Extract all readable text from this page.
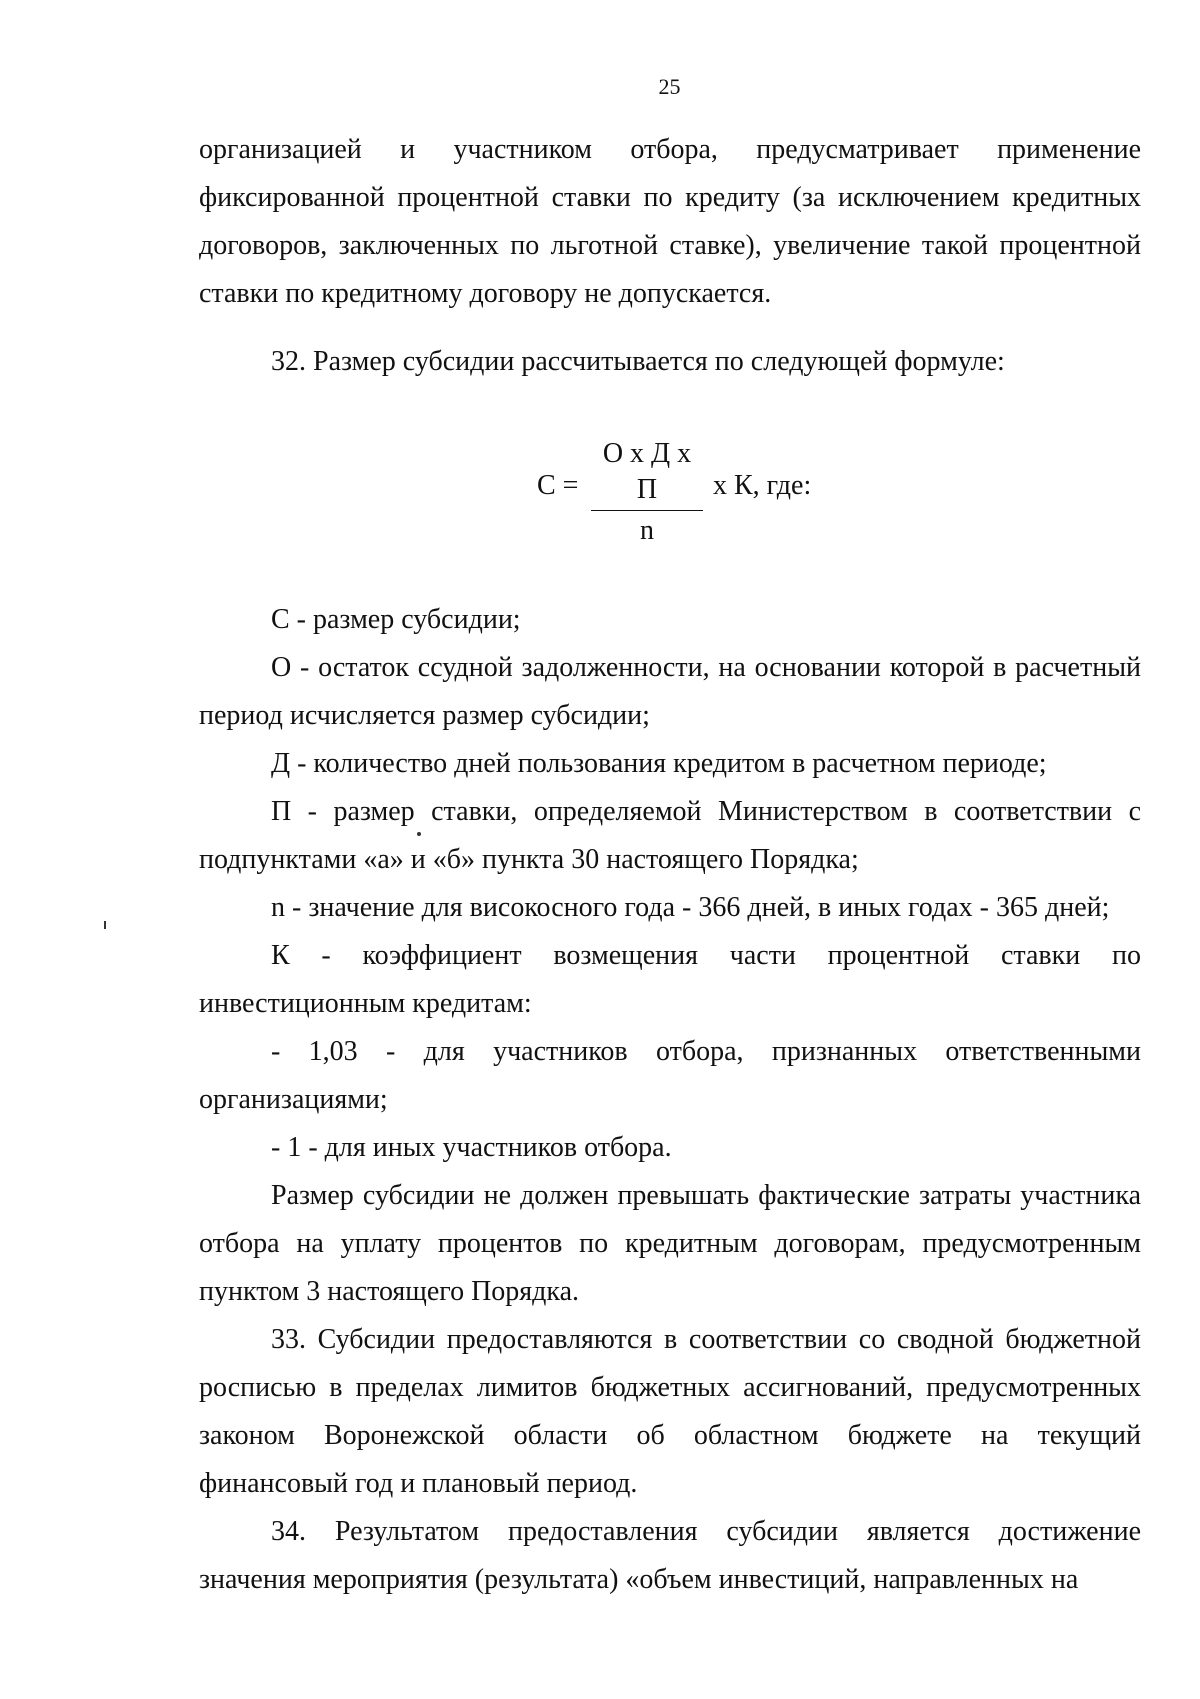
25

организацией и участником отбора, предусматривает применение фиксированной процентной ставки по кредиту (за исключением кредитных договоров, заключенных по льготной ставке), увеличение такой процентной ставки по кредитному договору не допускается.

32. Размер субсидии рассчитывается по следующей формуле:

С =
О х Д х П
n
х К, где:

С - размер субсидии;

О - остаток ссудной задолженности, на основании которой в расчетный период исчисляется размер субсидии;

Д - количество дней пользования кредитом в расчетном периоде;

П - размер ставки, определяемой Министерством в соответствии с подпунктами «а» и «б» пункта 30 настоящего Порядка;

n - значение для високосного года - 366 дней, в иных годах - 365 дней;

К - коэффициент возмещения части процентной ставки по

инвестиционным кредитам:

- 1,03 - для участников отбора, признанных ответственными организациями;

- 1 - для иных участников отбора.

Размер субсидии не должен превышать фактические затраты участника отбора на уплату процентов по кредитным договорам, предусмотренным пунктом 3 настоящего Порядка.

33. Субсидии предоставляются в соответствии со сводной бюджетной росписью в пределах лимитов бюджетных ассигнований, предусмотренных законом Воронежской области об областном бюджете на текущий финансовый год и плановый период.

34. Результатом предоставления субсидии является достижение значения мероприятия (результата) «объем инвестиций, направленных на
